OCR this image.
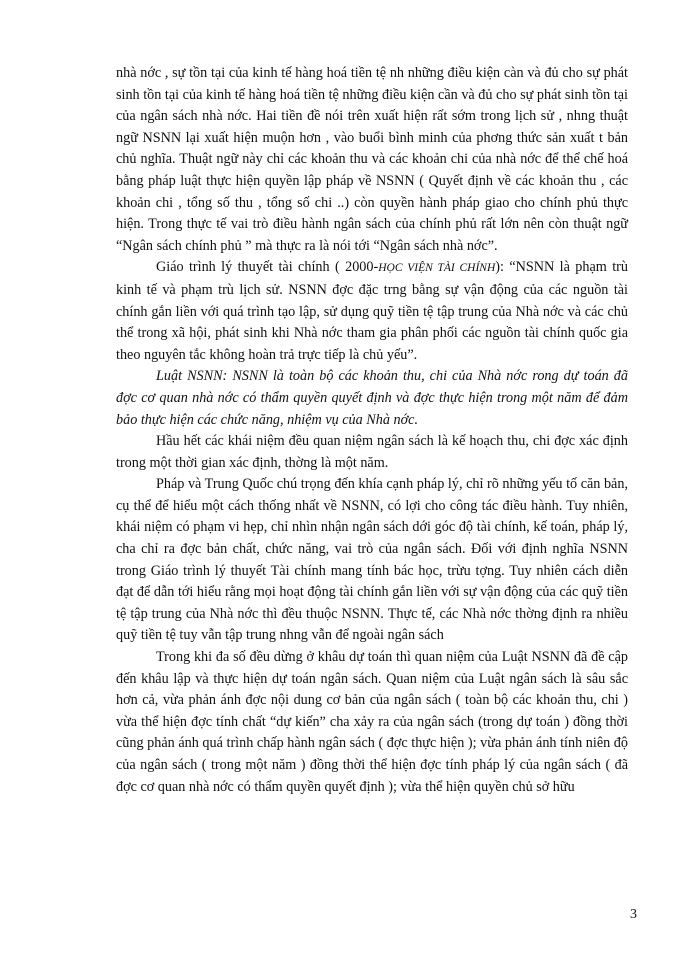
nhà nớc , sự tồn tại của kinh tế hàng hoá tiền tệ nh những điều kiện càn và đủ cho sự phát sinh tồn tại của kinh tế hàng hoá tiền tệ những điều kiện cần và đủ cho sự phát sinh tồn tại của ngân sách nhà nớc. Hai tiền đề nói trên xuất hiện rất sớm trong lịch sử , nhng thuật ngữ NSNN lại xuất hiện muộn hơn , vào buổi bình minh của phơng thức sản xuất t bản chủ nghĩa. Thuật ngữ này chỉ các khoản thu và các khoản chi của nhà nớc để thể chế hoá bằng pháp luật thực hiện quyền lập pháp về NSNN ( Quyết định về các khoản thu , các khoản chi , tổng số thu , tổng số chi ..) còn quyền hành pháp giao cho chính phủ thực hiện. Trong thực tế vai trò điều hành ngân sách của chính phủ rất lớn nên còn thuật ngữ “Ngân sách chính phủ ” mà thực ra là nói tới “Ngân sách nhà nớc”.

Giáo trình lý thuyết tài chính ( 2000-HỌC VIỆN TÀI CHÍNH): “NSNN là phạm trù kinh tế và phạm trù lịch sử. NSNN đợc đặc trng bằng sự vận động của các nguồn tài chính gắn liền với quá trình tạo lập, sử dụng quỹ tiền tệ tập trung của Nhà nớc và các chủ thể trong xã hội, phát sinh khi Nhà nớc tham gia phân phối các nguồn tài chính quốc gia theo nguyên tắc không hoàn trả trực tiếp là chủ yếu”.

Luật NSNN: NSNN là toàn bộ các khoản thu, chi của Nhà nớc rong dự toán đã đợc cơ quan nhà nớc có thẩm quyền quyết định và đợc thực hiện trong một năm để đảm bảo thực hiện các chức năng, nhiệm vụ của Nhà nớc.

Hầu hết các khái niệm đều quan niệm ngân sách là kế hoạch thu, chi đợc xác định trong một thời gian xác định, thờng là một năm.

Pháp và Trung Quốc chú trọng đến khía cạnh pháp lý, chỉ rõ những yếu tố căn bản, cụ thể để hiểu một cách thống nhất về NSNN, có lợi cho công tác điều hành. Tuy nhiên, khái niệm có phạm vi hẹp, chỉ nhìn nhận ngân sách dới góc độ tài chính, kế toán, pháp lý, cha chỉ ra đợc bản chất, chức năng, vai trò của ngân sách. Đối với định nghĩa NSNN trong Giáo trình lý thuyết Tài chính mang tính bác học, trừu tợng. Tuy nhiên cách diễn đạt để dẫn tới hiểu rằng mọi hoạt động tài chính gắn liền với sự vận động của các quỹ tiền tệ tập trung của Nhà nớc thì đều thuộc NSNN. Thực tế, các Nhà nớc thờng định ra nhiều quỹ tiền tệ tuy vẫn tập trung nhng vẫn để ngoài ngân sách

Trong khi đa số đều dừng ở khâu dự toán thì quan niệm của Luật NSNN đã đề cập đến khâu lập và thực hiện dự toán ngân sách. Quan niệm của Luật ngân sách là sâu sắc hơn cả, vừa phản ánh đợc nội dung cơ bản của ngân sách ( toàn bộ các khoản thu, chi ) vừa thể hiện đợc tính chất “dự kiến” cha xảy ra của ngân sách (trong dự toán ) đồng thời cũng phản ánh quá trình chấp hành ngân sách ( đợc thực hiện ); vừa phản ánh tính niên độ của ngân sách ( trong một năm ) đồng thời thể hiện đợc tính pháp lý của ngân sách ( đã đợc cơ quan nhà nớc có thẩm quyền quyết định ); vừa thể hiện quyền chủ sở hữu

3
